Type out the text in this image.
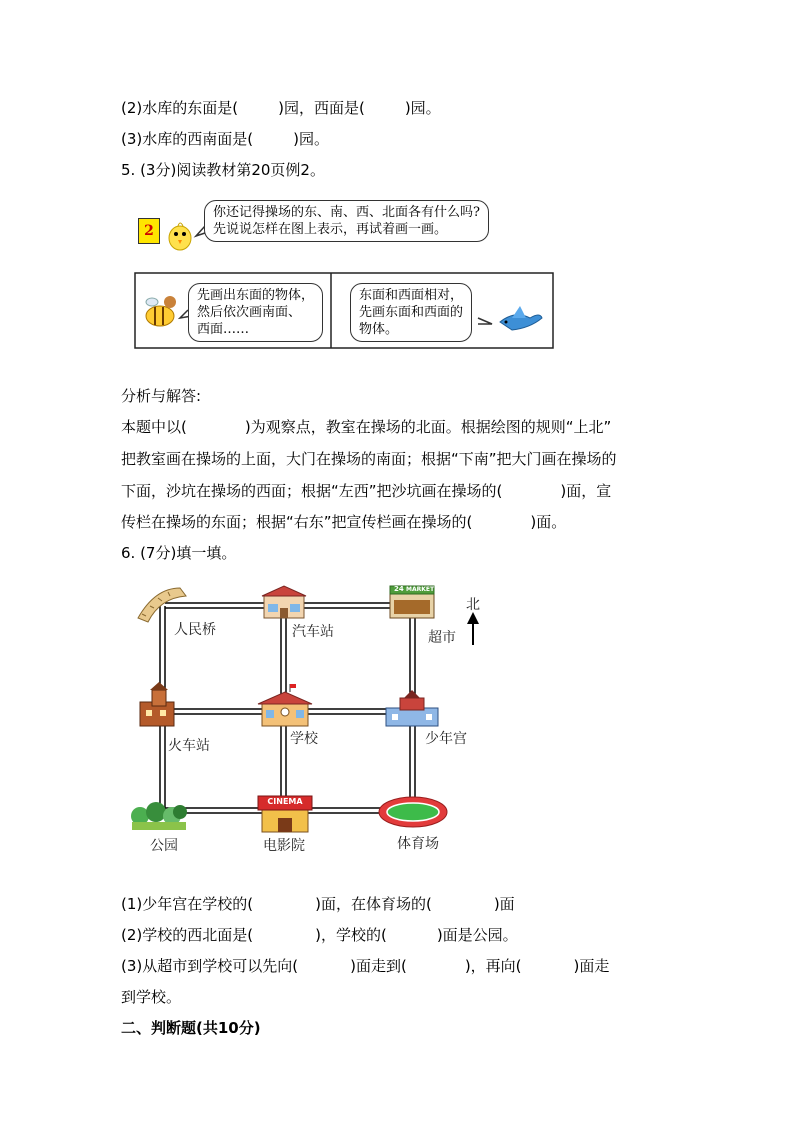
(2)水库的东面是(	)园，西面是(	)园。
(3)水库的西南面是(	)园。
5. (3分)阅读教材第20页例2。
2
你还记得操场的东、南、西、北面各有什么吗?
先说说怎样在图上表示，再试着画一画。
先画出东面的物体，
然后依次画南面、
西面……
东面和西面相对，
先画东面和西面的
物体。
分析与解答:
本题中以(	)为观察点，教室在操场的北面。根据绘图的规则“上北”
把教室画在操场的上面，大门在操场的南面；根据“下南”把大门画在操场的
下面，沙坑在操场的西面；根据“左西”把沙坑画在操场的(	)面，宣
传栏在操场的东面；根据“右东”把宣传栏画在操场的(	)面。
6. (7分)填一填。
北
人民桥	汽车站	超市
火车站	学校	少年宫
公园	电影院	体育场
CINEMA
24 MARKET
(1)少年宫在学校的(	)面，在体育场的(	)面
(2)学校的西北面是(	)，学校的(	)面是公园。
(3)从超市到学校可以先向(	)面走到(	)，再向(	)面走
到学校。
二、判断题(共10分)
